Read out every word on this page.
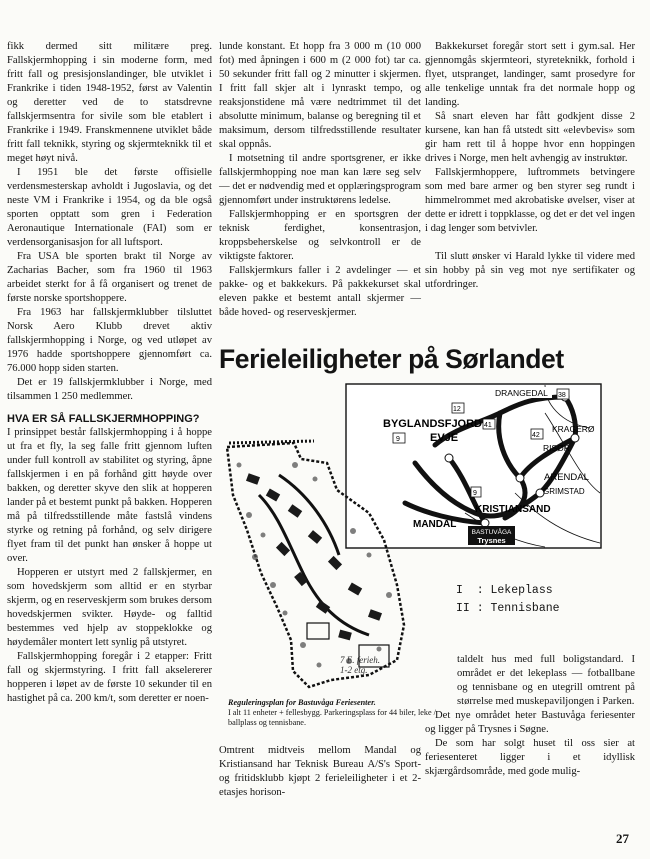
fikk dermed sitt militære preg. Fallskjermhopping i sin moderne form, med fritt fall og presisjonslandinger, ble utviklet i Frankrike i tiden 1948-1952, først av Valentin og deretter ved de to statsdrevne fallskjermsentra for sivile som ble etablert i Frankrike i 1949. Franskmennene utviklet både fritt fall teknikk, styring og skjermteknikk til et meget høyt nivå.

I 1951 ble det første offisielle verdensmesterskap avholdt i Jugoslavia, og det neste VM i Frankrike i 1954, og da ble også sporten opptatt som gren i Federation Aeronautique Internationale (FAI) som er verdensorganisasjon for all luftsport.

Fra USA ble sporten brakt til Norge av Zacharias Bacher, som fra 1960 til 1963 arbeidet sterkt for å få organisert og trenet de første norske sportshoppere.

Fra 1963 har fallskjermklubber tilsluttet Norsk Aero Klubb drevet aktiv fallskjermhopping i Norge, og ved utløpet av 1976 hadde sportshoppere gjennomført ca. 76.000 hopp siden starten.

Det er 19 fallskjermklubber i Norge, med tilsammen 1 250 medlemmer.

HVA ER SÅ FALLSKJERMHOPPING?

I prinsippet består fallskjermhopping i å hoppe ut fra et fly, la seg falle fritt gjennom luften under full kontroll av stabilitet og styring, åpne fallskjermen i en på forhånd gitt høyde over bakken, og deretter skyve den slik at hopperen lander på et bestemt punkt på bakken. Hopperen må på tilfredsstillende måte fastslå vindens styrke og retning på forhånd, og selv dirigere flyet fram til det punkt han ønsker å hoppe ut over.

Hopperen er utstyrt med 2 fallskjermer, en som hovedskjerm som alltid er en styrbar skjerm, og en reserveskjerm som brukes dersom hovedskjermen svikter. Høyde- og falltid bestemmes ved hjelp av stoppeklokke og høydemåler montert lett synlig på utstyret.

Fallskjermhopping foregår i 2 etapper: Fritt fall og skjermstyring. I fritt fall akselererer hopperen i løpet av de første 10 sekunder til en hastighet på ca. 200 km/t, som deretter er noen-

lunde konstant. Et hopp fra 3 000 m (10 000 fot) med åpningen i 600 m (2 000 fot) tar ca. 50 sekunder fritt fall og 2 minutter i skjermen. I fritt fall skjer alt i lynraskt tempo, og reaksjonstidene må være nedtrimmet til det absolutte minimum, balanse og beregning til et maksimum, dersom tilfredsstillende resultater skal oppnås.

I motsetning til andre sportsgrener, er ikke fallskjermhopping noe man kan lære seg selv — det er nødvendig med et opplæringsprogram gjennomført under instruktørens ledelse.

Fallskjermhopping er en sportsgren der teknisk ferdighet, konsentrasjon, kroppsbeherskelse og selvkontroll er de viktigste faktorer.

Fallskjermkurs faller i 2 avdelinger — et pakke- og et bakkekurs. På pakkekurset skal eleven pakke et bestemt antall skjermer — både hoved- og reserveskjermer.

Bakkekurset foregår stort sett i gym.sal. Her gjennomgås skjermteori, styreteknikk, forhold i flyet, utspranget, landinger, samt prosedyre for alle tenkelige unntak fra det normale hopp og landing.

Så snart eleven har fått godkjent disse 2 kursene, kan han få utstedt sitt «elevbevis» som gir ham rett til å hoppe hvor enn hoppingen drives i Norge, men helt avhengig av instruktør.

Fallskjermhoppere, luftrommets betvingere som med bare armer og ben styrer seg rundt i himmelrommet med akrobatiske øvelser, viser at dette er idrett i toppklasse, og det er det vel ingen i dag lenger som betvivler.

Til slutt ønsker vi Harald lykke til videre med sin hobby på sin veg mot nye sertifikater og utfordringer.

Ferieleiligheter på Sørlandet
DRANGEDAL
BYGLANDSFJORD
EVJE
KRAGERØ
RISØR
ARENDAL
GRIMSTAD
KRISTIANSAND
MANDAL
38
12
41
9
42
9
BASTUVÅGA
Trysnes
I  : Lekeplass
II : Tennisbane
7 E. ferieh.
1-2 etg.
Reguleringsplan for Bastuvåga Feriesenter.
I alt 11 enheter + fellesbygg. Parkeringsplass for 44 biler, leke / ballplass og tennisbane.

Omtrent midtveis mellom Mandal og Kristiansand har Teknisk Bureau A/S's Sport- og fritidsklubb kjøpt 2 ferieleiligheter i et 2-etasjes horison-

taldelt hus med full boligstandard. I området er det lekeplass — fotballbane og tennisbane og en utegrill omtrent på størrelse med muskepaviljongen i Parken.

Det nye området heter Bastuvåga feriesenter og ligger på Trysnes i Søgne.

De som har solgt huset til oss sier at feriesenteret ligger i et idyllisk skjærgårdsområde, med gode mulig-

27
